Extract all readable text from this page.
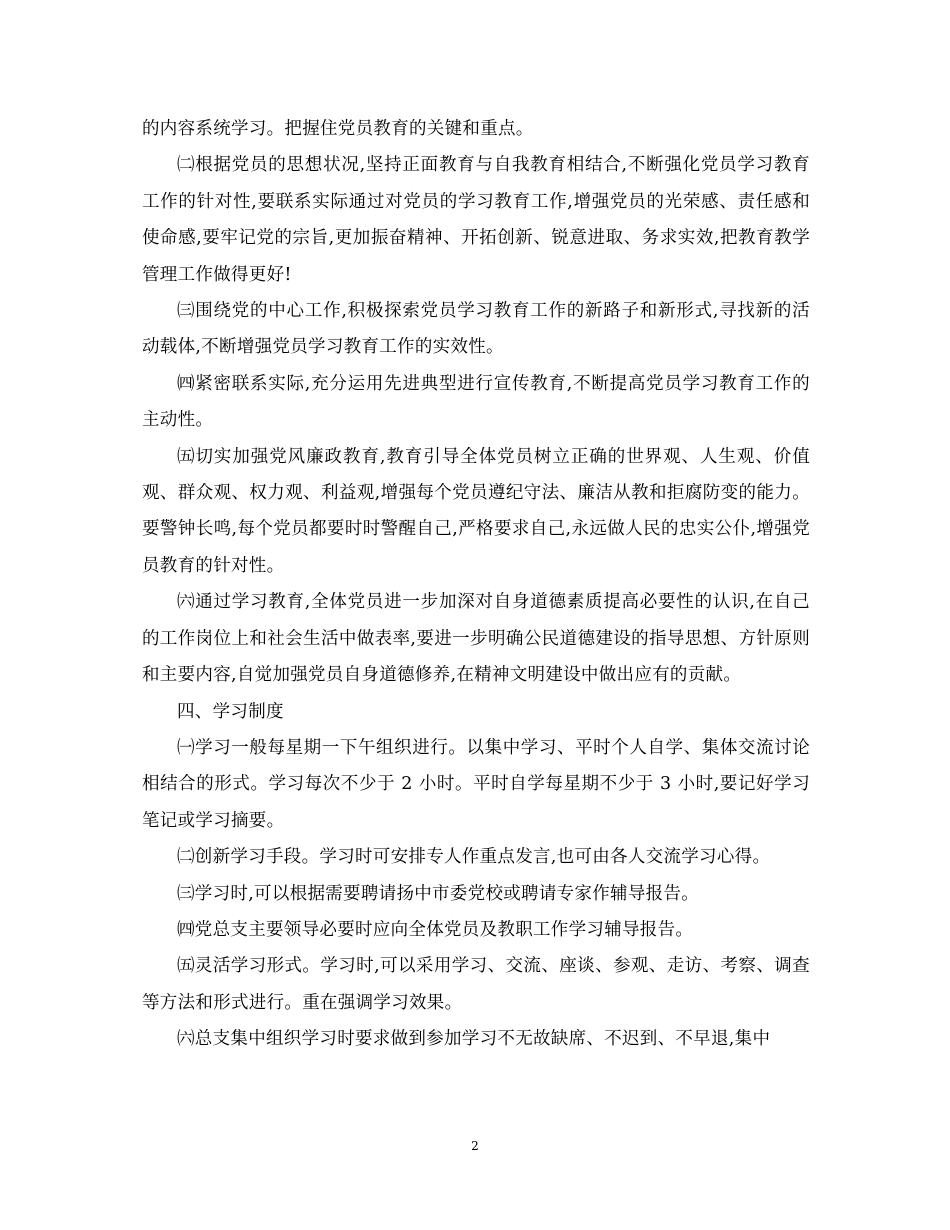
的内容系统学习。把握住党员教育的关键和重点。

㈡根据党员的思想状况,坚持正面教育与自我教育相结合,不断强化党员学习教育工作的针对性,要联系实际通过对党员的学习教育工作,增强党员的光荣感、责任感和使命感,要牢记党的宗旨,更加振奋精神、开拓创新、锐意进取、务求实效,把教育教学管理工作做得更好!

㈢围绕党的中心工作,积极探索党员学习教育工作的新路子和新形式,寻找新的活动载体,不断增强党员学习教育工作的实效性。

㈣紧密联系实际,充分运用先进典型进行宣传教育,不断提高党员学习教育工作的主动性。

㈤切实加强党风廉政教育,教育引导全体党员树立正确的世界观、人生观、价值观、群众观、权力观、利益观,增强每个党员遵纪守法、廉洁从教和拒腐防变的能力。要警钟长鸣,每个党员都要时时警醒自己,严格要求自己,永远做人民的忠实公仆,增强党员教育的针对性。

㈥通过学习教育,全体党员进一步加深对自身道德素质提高必要性的认识,在自己的工作岗位上和社会生活中做表率,要进一步明确公民道德建设的指导思想、方针原则和主要内容,自觉加强党员自身道德修养,在精神文明建设中做出应有的贡献。

四、学习制度

㈠学习一般每星期一下午组织进行。以集中学习、平时个人自学、集体交流讨论相结合的形式。学习每次不少于 2 小时。平时自学每星期不少于 3 小时,要记好学习笔记或学习摘要。

㈡创新学习手段。学习时可安排专人作重点发言,也可由各人交流学习心得。

㈢学习时,可以根据需要聘请扬中市委党校或聘请专家作辅导报告。

㈣党总支主要领导必要时应向全体党员及教职工作学习辅导报告。

㈤灵活学习形式。学习时,可以采用学习、交流、座谈、参观、走访、考察、调查等方法和形式进行。重在强调学习效果。

㈥总支集中组织学习时要求做到参加学习不无故缺席、不迟到、不早退,集中

2
